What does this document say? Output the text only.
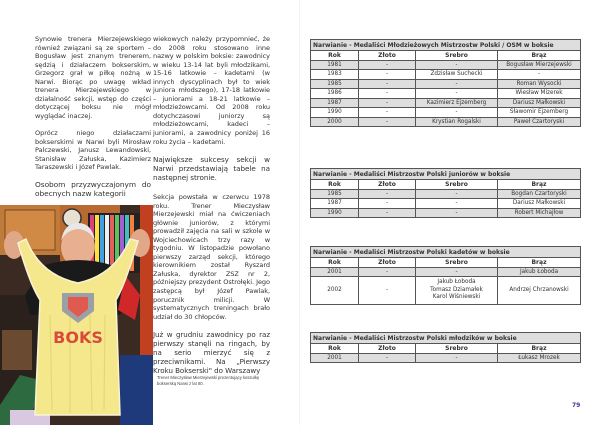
Synowie trenera Mierzejewskiego również związani są ze sportem – Bogusław jest znanym trenerem, sędzią i działaczem bokserskim, Grzegorz grał w piłkę nożną w Narwi. Biorąc po uwagę wkład trenera Mierzejewskiego w działalność sekcji, wstęp do części dotyczącej boksu nie mógł wyglądać inaczej.

Oprócz niego działaczami bokserskimi w Narwi byli Mirosław Palczewski, Janusz Lewandowski, Stanisław Załuska, Kazimierz Taraszewski i Józef Pawlak.

Osobom przyzwyczajonym do obecnych nazw kategorii

wiekowych należy przypomnieć, że do 2008 roku stosowano inne nazwy w polskim boksie: zawodnicy w wieku 13-14 lat byli młodzikami, 15-16 latkowie – kadetami (w innych dyscyplinach był to wiek juniora młodszego), 17-18 latkowie – juniorami a 18-21 latkowie – młodzieżowcami. Od 2008 roku dotychczasowi juniorzy są młodzieżowcami, kadeci – juniorami, a zawodnicy poniżej 16 roku życia – kadetami.

Największe sukcesy sekcji w Narwi przedstawiają tabele na następnej stronie.

Sekcja powstała w czerwcu 1978 roku. Trener Mieczysław Mierzejewski miał na ćwiczeniach głównie juniorów, z którymi prowadził zajęcia na sali w szkole w Wojciechowicach trzy razy w tygodniu. W listopadzie powołano pierwszy zarząd sekcji, którego kierownikiem został Ryszard Załuska, dyrektor ZSZ nr 2, późniejszy prezydent Ostrołęki. Jego zastępcą był Józef Pawlak, porucznik milicji. W systematycznych treningach brało udział do 30 chłopców.

Już w grudniu zawodnicy po raz pierwszy stanęli na ringach, by na serio mierzyć się z przeciwnikami. Na „Pierwszy Kroku Bokserski" do Warszawy

BOKS
Trener Mieczysław Mierzejewski prezentujący koszulkę bokserską Narwi z lat 80.
Narwianie - Medaliści Młodzieżowych Mistrzostw Polski / OSM w boksie			
Rok	Złoto	Srebro	Brąz
1981	-	-	Bogusław Mierzejewski
1983	-	Zdzisław Suchecki	-
1985	-	-	Roman Wysocki
1986	-	-	Wiesław Mizerek
1987	-	Kazimierz Ejzemberg	Dariusz Małkowski
1990	-	-	Sławomir Ejzemberg
2000	-	Krystian Rogalski	Paweł Czartoryski
Narwianie - Medaliści Mistrzostw Polski juniorów w boksie			
Rok	Złoto	Srebro	Brąz
1985	-	-	Bogdan Czartoryski
1987	-	-	Dariusz Małkowski
1990	-	-	Robert Michajłow
Narwianie - Medaliści Mistrzostw Polski kadetów w boksie			
Rok	Złoto	Srebro	Brąz
2001	-	-	Jakub Łoboda
2002	-	Jakub Łoboda
Tomasz Dziamałek
Karol Wiśniewski	Andrzej Chrzanowski
Narwianie - Medaliści Mistrzostw Polski młodzików w boksie			
Rok	Złoto	Srebro	Brąz
2001	-	-	Łukasz Mrozek
79
